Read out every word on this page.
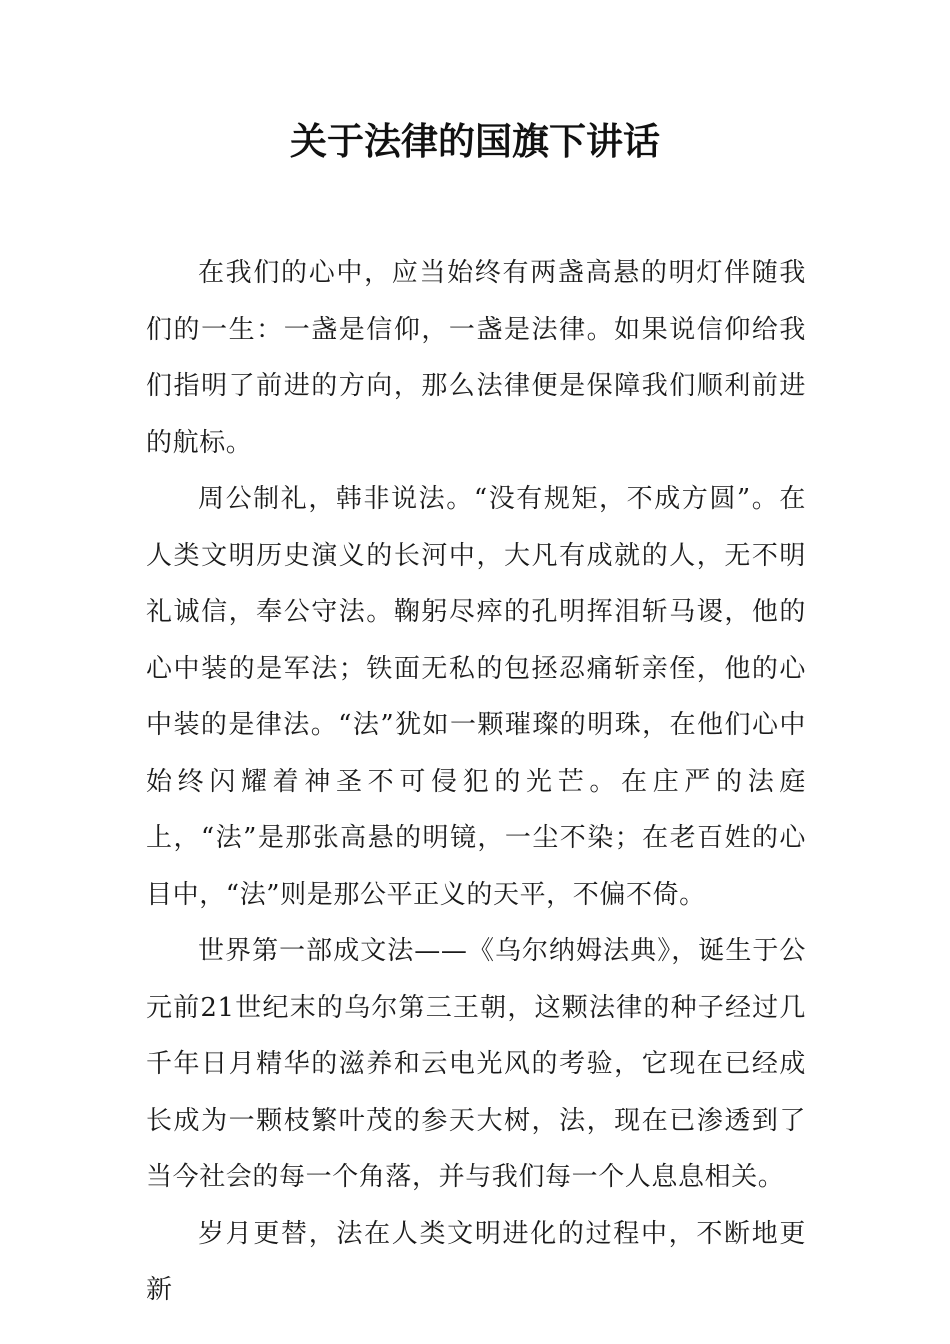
关于法律的国旗下讲话

在我们的心中，应当始终有两盏高悬的明灯伴随我们的一生：一盏是信仰，一盏是法律。如果说信仰给我们指明了前进的方向，那么法律便是保障我们顺利前进的航标。

周公制礼，韩非说法。“没有规矩，不成方圆”。在人类文明历史演义的长河中，大凡有成就的人，无不明礼诚信，奉公守法。鞠躬尽瘁的孔明挥泪斩马谡，他的心中装的是军法；铁面无私的包拯忍痛斩亲侄，他的心中装的是律法。“法”犹如一颗璀璨的明珠，在他们心中始终闪耀着神圣不可侵犯的光芒。在庄严的法庭上，“法”是那张高悬的明镜，一尘不染；在老百姓的心目中，“法”则是那公平正义的天平，不偏不倚。

世界第一部成文法——《乌尔纳姆法典》，诞生于公元前21世纪末的乌尔第三王朝，这颗法律的种子经过几千年日月精华的滋养和云电光风的考验，它现在已经成长成为一颗枝繁叶茂的参天大树，法，现在已渗透到了当今社会的每一个角落，并与我们每一个人息息相关。

岁月更替，法在人类文明进化的过程中，不断地更新
